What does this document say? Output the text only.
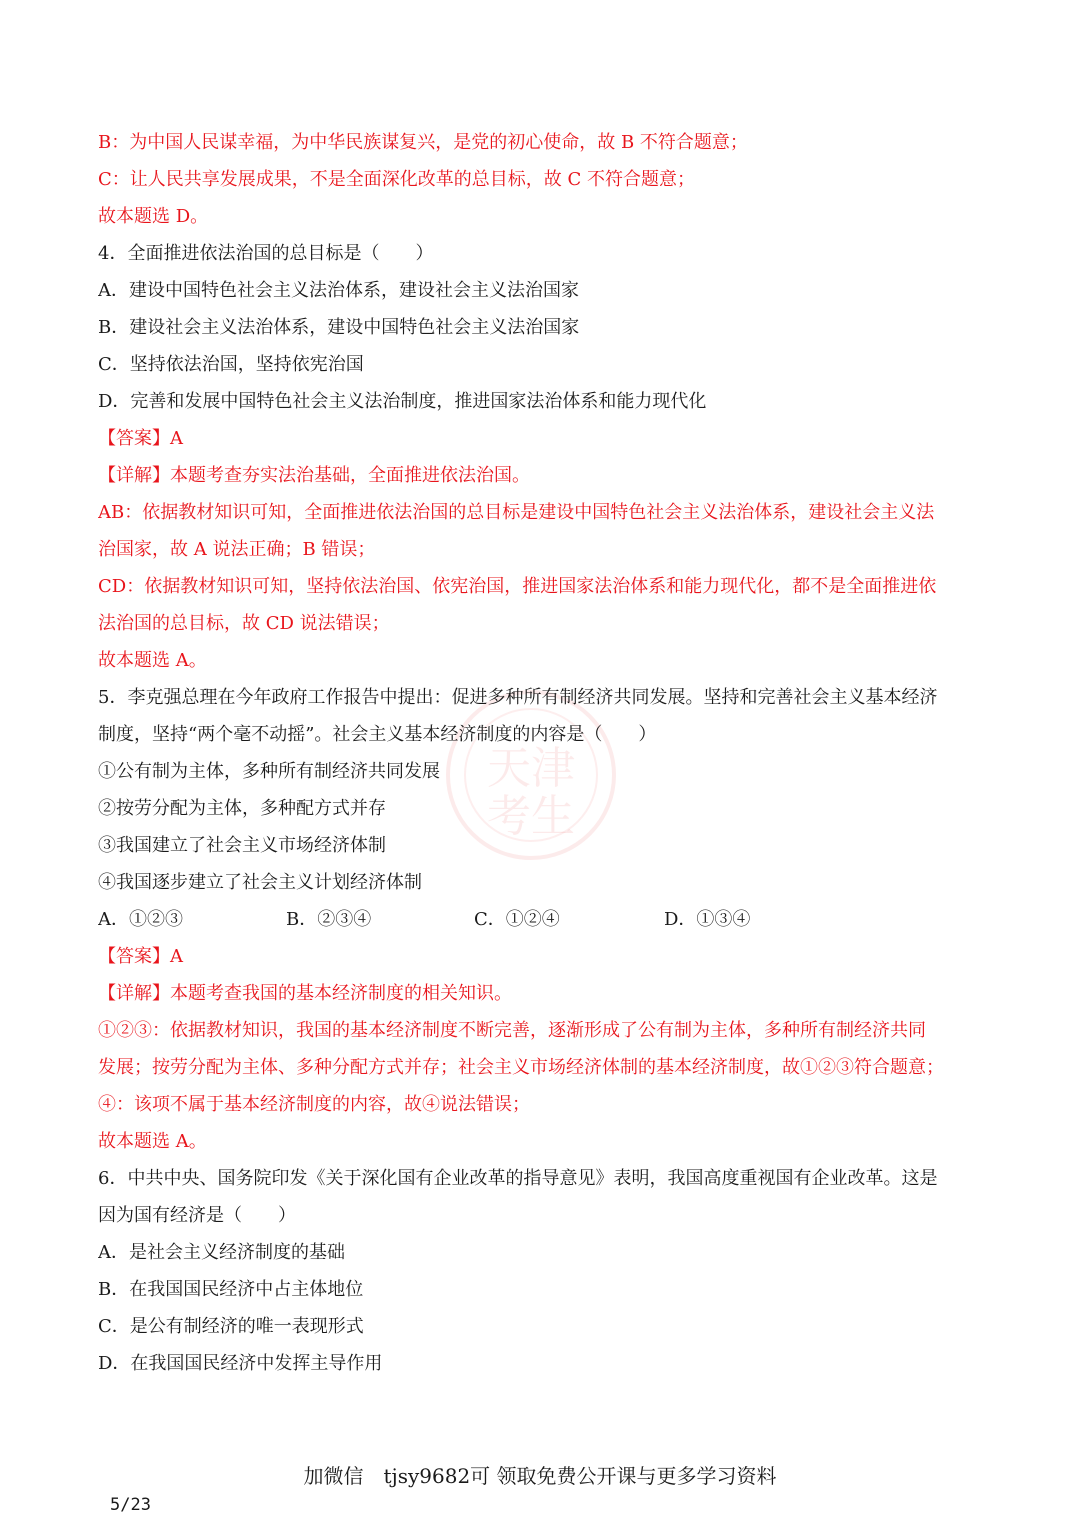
天津
考生
B：为中国人民谋幸福，为中华民族谋复兴，是党的初心使命，故 B 不符合题意；
C：让人民共享发展成果，不是全面深化改革的总目标，故 C 不符合题意；
故本题选 D。
4．全面推进依法治国的总目标是（　　）
A．建设中国特色社会主义法治体系，建设社会主义法治国家
B．建设社会主义法治体系，建设中国特色社会主义法治国家
C．坚持依法治国，坚持依宪治国
D．完善和发展中国特色社会主义法治制度，推进国家法治体系和能力现代化
【答案】A
【详解】本题考查夯实法治基础，全面推进依法治国。
AB：依据教材知识可知，全面推进依法治国的总目标是建设中国特色社会主义法治体系，建设社会主义法
治国家，故 A 说法正确；B 错误；
CD：依据教材知识可知，坚持依法治国、依宪治国，推进国家法治体系和能力现代化，都不是全面推进依
法治国的总目标，故 CD 说法错误；
故本题选 A。
5．李克强总理在今年政府工作报告中提出：促进多种所有制经济共同发展。坚持和完善社会主义基本经济
制度，坚持“两个毫不动摇”。社会主义基本经济制度的内容是（　　）
①公有制为主体，多种所有制经济共同发展
②按劳分配为主体，多种配方式并存
③我国建立了社会主义市场经济体制
④我国逐步建立了社会主义计划经济体制
A．①②③	B．②③④	C．①②④	D．①③④
【答案】A
【详解】本题考查我国的基本经济制度的相关知识。
①②③：依据教材知识，我国的基本经济制度不断完善，逐渐形成了公有制为主体，多种所有制经济共同
发展；按劳分配为主体、多种分配方式并存；社会主义市场经济体制的基本经济制度，故①②③符合题意；
④：该项不属于基本经济制度的内容，故④说法错误；
故本题选 A。
6．中共中央、国务院印发《关于深化国有企业改革的指导意见》表明，我国高度重视国有企业改革。这是
因为国有经济是（　　）
A．是社会主义经济制度的基础
B．在我国国民经济中占主体地位
C．是公有制经济的唯一表现形式
D．在我国国民经济中发挥主导作用
加微信　tjsy9682可 领取免费公开课与更多学习资料
5/23
